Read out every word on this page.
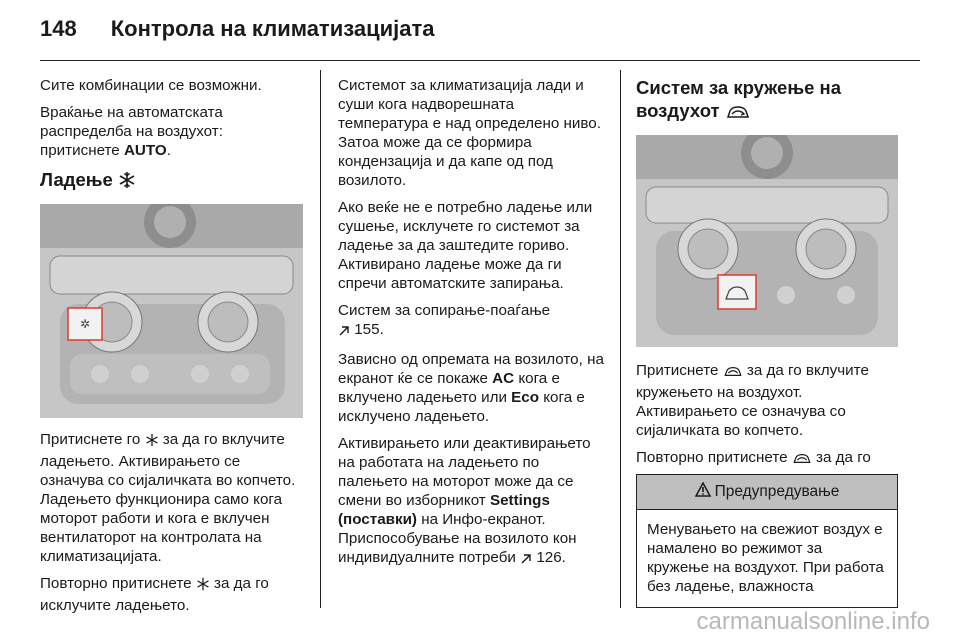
148 Контрола на климатизацијата

Сите комбинации се возможни.

Враќање на автоматската распределба на воздухот: притиснете AUTO.

Ладење
✲

Притиснете го  за да го вклучите ладењето. Активирањето се означува со сијаличката во копчето. Ладењето функционира само кога моторот работи и кога е вклучен вентилаторот на контролата на климатизацијата.

Повторно притиснете  за да го исклучите ладењето.

Системот за климатизација лади и суши кога надворешната температура е над определено ниво. Затоа може да се формира кондензација и да капе од под возилото.

Ако веќе не е потребно ладење или сушење, исклучете го системот за ладење за да заштедите гориво. Активирано ладење може да ги спречи автоматските запирања.

Систем за сопирање-поаѓање
155.

Зависно од опремата на возилото, на екранот ќе се покаже AC кога е вклучено ладењето или Eco кога е исклучено ладењето.

Активирањето или деактивирањето на работата на ладењето по палењето на моторот може да се смени во изборникот Settings (поставки) на Инфо-екранот. Приспособување на возилото кон индивидуалните потреби  126.

Систем за кружење на воздухот

Притиснете  за да го вклучите кружењето на воздухот. Активирањето се означува со сијаличката во копчето.

Повторно притиснете  за да го

Предупредување
Менувањето на свежиот воздух е намалено во режимот за кружење на воздухот. При работа без ладење, влажноста
carmanualsonline.info
